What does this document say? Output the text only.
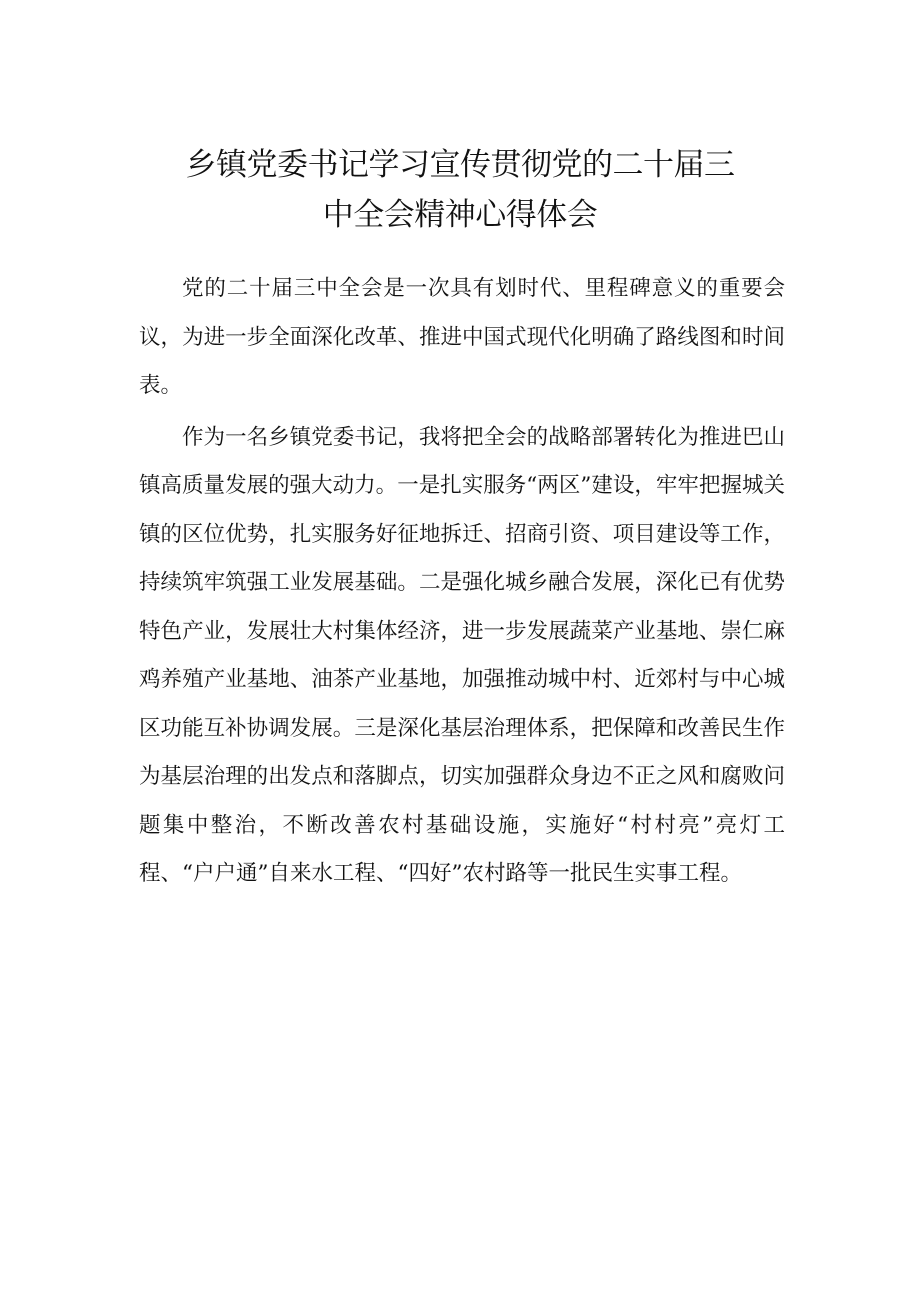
乡镇党委书记学习宣传贯彻党的二十届三
中全会精神心得体会

党的二十届三中全会是一次具有划时代、里程碑意义的重要会议，为进一步全面深化改革、推进中国式现代化明确了路线图和时间表。

作为一名乡镇党委书记，我将把全会的战略部署转化为推进巴山镇高质量发展的强大动力。一是扎实服务“两区”建设，牢牢把握城关镇的区位优势，扎实服务好征地拆迁、招商引资、项目建设等工作，持续筑牢筑强工业发展基础。二是强化城乡融合发展，深化已有优势特色产业，发展壮大村集体经济，进一步发展蔬菜产业基地、崇仁麻鸡养殖产业基地、油茶产业基地，加强推动城中村、近郊村与中心城区功能互补协调发展。三是深化基层治理体系，把保障和改善民生作为基层治理的出发点和落脚点，切实加强群众身边不正之风和腐败问题集中整治，不断改善农村基础设施，实施好“村村亮”亮灯工程、“户户通”自来水工程、“四好”农村路等一批民生实事工程。
